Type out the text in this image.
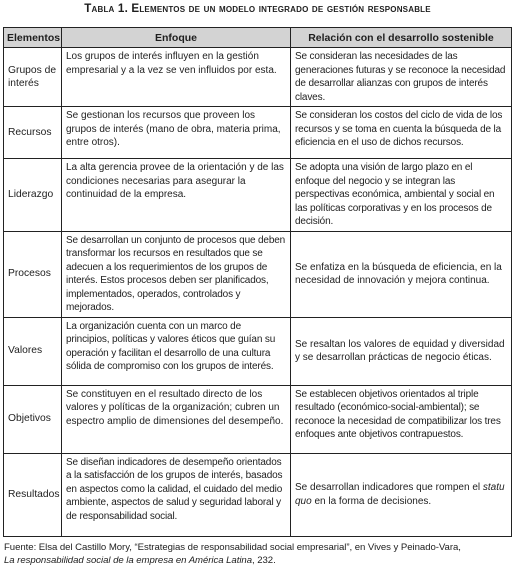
Tabla 1. Elementos de un modelo integrado de gestión responsable
Elementos	Enfoque	Relación con el desarrollo sostenible
Grupos de interés	Los grupos de interés influyen en la gestión empresarial y a la vez se ven influidos por esta.	Se consideran las necesidades de las generaciones futuras y se reconoce la necesidad de desarrollar alianzas con grupos de interés claves.
Recursos	Se gestionan los recursos que proveen los grupos de interés (mano de obra, materia prima, entre otros).	Se consideran los costos del ciclo de vida de los recursos y se toma en cuenta la búsqueda de la eficiencia en el uso de dichos recursos.
Liderazgo	La alta gerencia provee de la orientación y de las condiciones necesarias para asegurar la continuidad de la empresa.	Se adopta una visión de largo plazo en el enfoque del negocio y se integran las perspectivas económica, ambiental y social en las políticas corporativas y en los procesos de decisión.
Procesos	Se desarrollan un conjunto de procesos que deben transformar los recursos en resultados que se adecuen a los requerimientos de los grupos de interés. Estos procesos deben ser planificados, implementados, operados, controlados y mejorados.	Se enfatiza en la búsqueda de eficiencia, en la necesidad de innovación y mejora continua.
Valores	La organización cuenta con un marco de principios, políticas y valores éticos que guían su operación y facilitan el desarrollo de una cultura sólida de compromiso con los grupos de interés.	Se resaltan los valores de equidad y diversidad y se desarrollan prácticas de negocio éticas.
Objetivos	Se constituyen en el resultado directo de los valores y políticas de la organización; cubren un espectro amplio de dimensiones del desempeño.	Se establecen objetivos orientados al triple resultado (económico-social-ambiental); se reconoce la necesidad de compatibilizar los tres enfoques ante objetivos contrapuestos.
Resultados	Se diseñan indicadores de desempeño orientados a la satisfacción de los grupos de interés, basados en aspectos como la calidad, el cuidado del medio ambiente, aspectos de salud y seguridad laboral y de responsabilidad social.	Se desarrollan indicadores que rompen el statu quo en la forma de decisiones.
Fuente: Elsa del Castillo Mory, “Estrategias de responsabilidad social empresarial”, en Vives y Peinado-Vara,
La responsabilidad social de la empresa en América Latina, 232.
